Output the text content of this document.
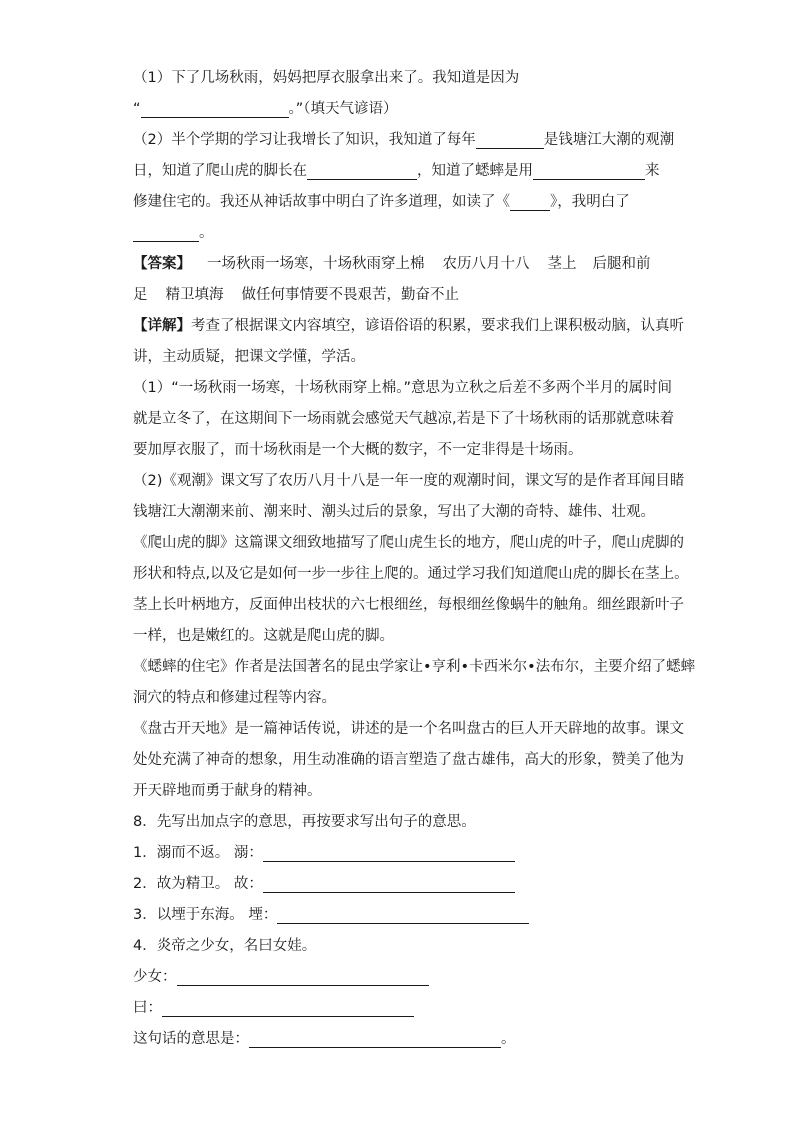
（1）下了几场秋雨，妈妈把厚衣服拿出来了。我知道是因为
“	。”（填天气谚语）
（2）半个学期的学习让我增长了知识，我知道了每年	是钱塘江大潮的观潮
日，知道了爬山虎的脚长在	，知道了蟋蟀是用	来
修建住宅的。我还从神话故事中明白了许多道理，如读了《	》，我明白了
。
【答案】 一场秋雨一场寒，十场秋雨穿上棉 农历八月十八 茎上 后腿和前
足 精卫填海 做任何事情要不畏艰苦，勤奋不止
【详解】考查了根据课文内容填空，谚语俗语的积累，要求我们上课积极动脑，认真听
讲，主动质疑，把课文学懂，学活。
（1）“一场秋雨一场寒，十场秋雨穿上棉。”意思为立秋之后差不多两个半月的属时间
就是立冬了，在这期间下一场雨就会感觉天气越凉,若是下了十场秋雨的话那就意味着
要加厚衣服了，而十场秋雨是一个大概的数字，不一定非得是十场雨。
（2)《观潮》课文写了农历八月十八是一年一度的观潮时间，课文写的是作者耳闻目睹
钱塘江大潮潮来前、潮来时、潮头过后的景象，写出了大潮的奇特、雄伟、壮观。
《爬山虎的脚》这篇课文细致地描写了爬山虎生长的地方，爬山虎的叶子，爬山虎脚的
形状和特点,以及它是如何一步一步往上爬的。通过学习我们知道爬山虎的脚长在茎上。
茎上长叶柄地方，反面伸出枝状的六七根细丝，每根细丝像蜗牛的触角。细丝跟新叶子
一样，也是嫩红的。这就是爬山虎的脚。
《蟋蟀的住宅》作者是法国著名的昆虫学家让•亨利•卡西米尔•法布尔，主要介绍了蟋蟀
洞穴的特点和修建过程等内容。
《盘古开天地》是一篇神话传说，讲述的是一个名叫盘古的巨人开天辟地的故事。课文
处处充满了神奇的想象，用生动准确的语言塑造了盘古雄伟，高大的形象，赞美了他为
开天辟地而勇于献身的精神。
8．先写出加点字的意思，再按要求写出句子的意思。
1．溺而不返。 溺：
2．故为精卫。 故：
3．以堙于东海。 堙：
4．炎帝之少女，名曰女娃。
少女：
曰：
这句话的意思是：	。
